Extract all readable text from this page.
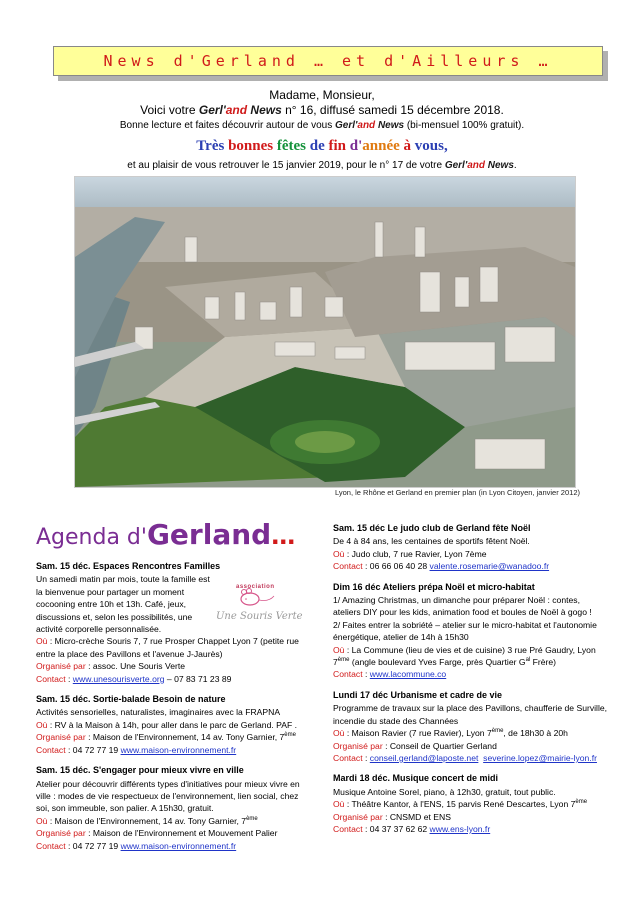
News d'Gerland … et d'Ailleurs …
Madame, Monsieur,
Voici votre Gerl'and News n° 16, diffusé samedi 15 décembre 2018.
Bonne lecture et faites découvrir autour de vous Gerl'and News (bi-mensuel 100% gratuit).
Très bonnes fêtes de fin d'année à vous,
et au plaisir de vous retrouver le 15 janvier 2019, pour le n° 17 de votre Gerl'and News.
Lyon, le Rhône et Gerland en premier plan (in Lyon Citoyen, janvier 2012)
Agenda d'Gerland…
Sam. 15 déc. Espaces Rencontres Familles
association
Une Souris Verte
Un samedi matin par mois, toute la famille est la bienvenue pour partager un moment cocooning entre 10h et 13h. Café, jeux, discussions et, selon les possibilités, une activité corporelle personnalisée.
Où : Micro-crèche Souris 7, 7 rue Prosper Chappet Lyon 7 (petite rue entre la place des Pavillons et l'avenue J-Jaurès)
Organisé par : assoc. Une Souris Verte
Contact : www.unesourisverte.org – 07 83 71 23 89
Sam. 15 déc. Sortie-balade Besoin de nature
Activités sensorielles, naturalistes, imaginaires avec la FRAPNA
Où : RV à la Maison à 14h, pour aller dans le parc de Gerland. PAF .
Organisé par : Maison de l'Environnement, 14 av. Tony Garnier, 7ème
Contact : 04 72 77 19 www.maison-environnement.fr
Sam. 15 déc. S'engager pour mieux vivre en ville
Atelier pour découvrir différents types d'initiatives pour mieux vivre en ville : modes de vie respectueux de l'environnement, lien social, chez soi, son immeuble, son palier. A 15h30, gratuit.
Où : Maison de l'Environnement, 14 av. Tony Garnier, 7ème
Organisé par : Maison de l'Environnement et Mouvement Palier
Contact : 04 72 77 19 www.maison-environnement.fr
Sam. 15 déc Le judo club de Gerland fête Noël
De 4 à 84 ans, les centaines de sportifs fêtent Noël.
Où : Judo club, 7 rue Ravier, Lyon 7ème
Contact : 06 66 06 40 28 valente.rosemarie@wanadoo.fr
Dim 16 déc Ateliers prépa Noël et micro-habitat
1/ Amazing Christmas, un dimanche pour préparer Noël : contes, ateliers DIY pour les kids, animation food et boules de Noël à gogo !
2/ Faites entrer la sobriété – atelier sur le micro-habitat et l'autonomie énergétique, atelier de 14h à 15h30
Où : La Commune (lieu de vies et de cuisine) 3 rue Pré Gaudry, Lyon 7ème (angle boulevard Yves Farge, près Quartier $G^{al}$ Frère)
Contact : www.lacommune.co
Lundi 17 déc Urbanisme et cadre de vie
Programme de travaux sur la place des Pavillons, chaufferie de Surville, incendie du stade des Channées
Où : Maison Ravier (7 rue Ravier), Lyon 7ème, de 18h30 à 20h
Organisé par : Conseil de Quartier Gerland
Contact : conseil.gerland@laposte.net severine.lopez@mairie-lyon.fr
Mardi 18 déc. Musique concert de midi
Musique Antoine Sorel, piano, à 12h30, gratuit, tout public.
Où : Théâtre Kantor, à l'ENS, 15 parvis René Descartes, Lyon 7ème
Organisé par : CNSMD et ENS
Contact : 04 37 37 62 62 www.ens-lyon.fr
